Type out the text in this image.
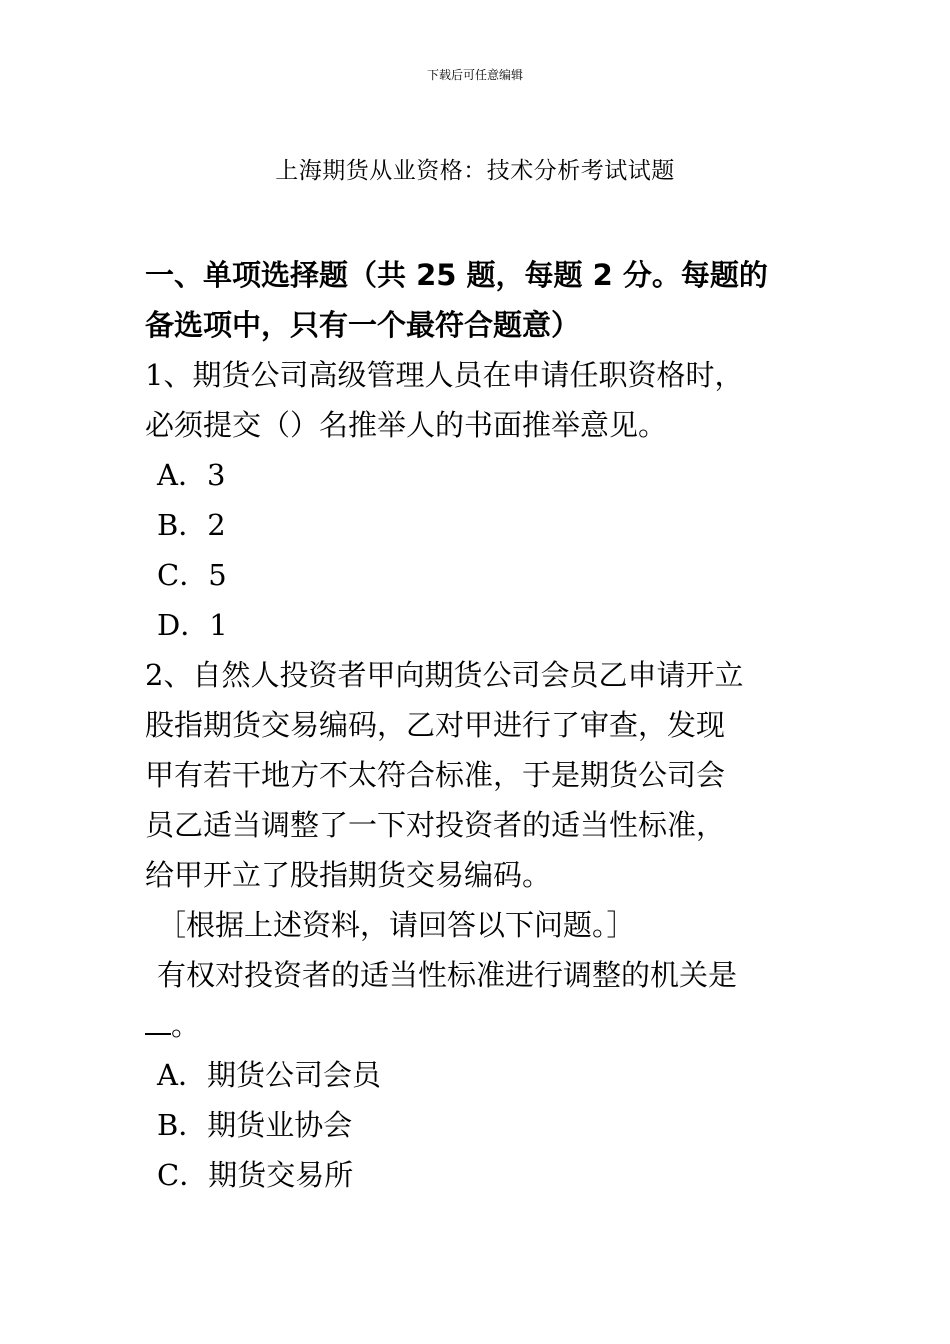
下载后可任意编辑
上海期货从业资格：技术分析考试试题

一、单项选择题（共 25 题，每题 2 分。每题的

备选项中，只有一个最符合题意）

1、期货公司高级管理人员在申请任职资格时，

必须提交（）名推举人的书面推举意见。

A．3

B．2

C．5

D．1

2、自然人投资者甲向期货公司会员乙申请开立

股指期货交易编码，乙对甲进行了审查，发现

甲有若干地方不太符合标准，于是期货公司会

员乙适当调整了一下对投资者的适当性标准，

给甲开立了股指期货交易编码。

［根据上述资料，请回答以下问题。］

有权对投资者的适当性标准进行调整的机关是

。

A．期货公司会员

B．期货业协会

C．期货交易所
